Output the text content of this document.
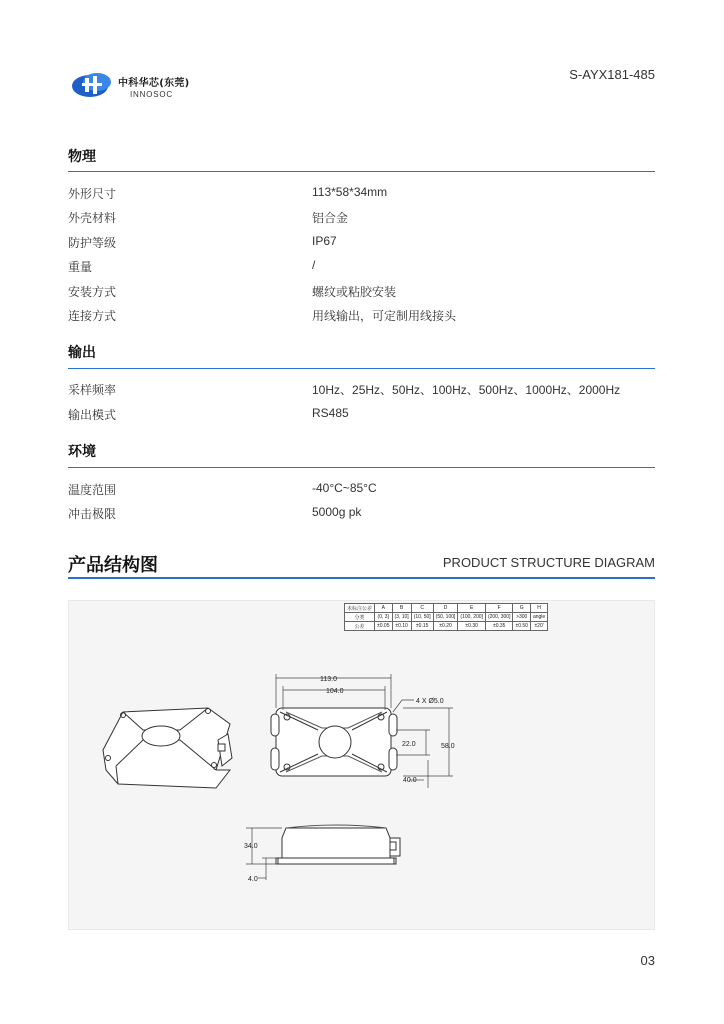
中科华芯(东莞)
INNOSOC
S-AYX181-485
物理
外形尺寸	113*58*34mm
外壳材料	铝合金
防护等级	IP67
重量	/
安装方式	螺纹或粘胶安装
连接方式	用线输出，可定制用线接头
输出
采样频率	10Hz、25Hz、50Hz、100Hz、500Hz、1000Hz、2000Hz
输出模式	RS485
环境
温度范围	-40°C~85°C
冲击极限	5000g pk
产品结构图	PRODUCT STRUCTURE DIAGRAM
未标注公差	A	B	C	D	E	F	G	H
分类	(0, 3]	(3, 10]	(10, 50]	(50, 100]	(100, 200]	(200, 300]	>300	angle
公差	±0.05	±0.10	±0.15	±0.20	±0.30	±0.35	±0.50	±20'
113.0
104.0
4 X Ø5.0
22.0	58.0
40.0
34.0
4.0
03
